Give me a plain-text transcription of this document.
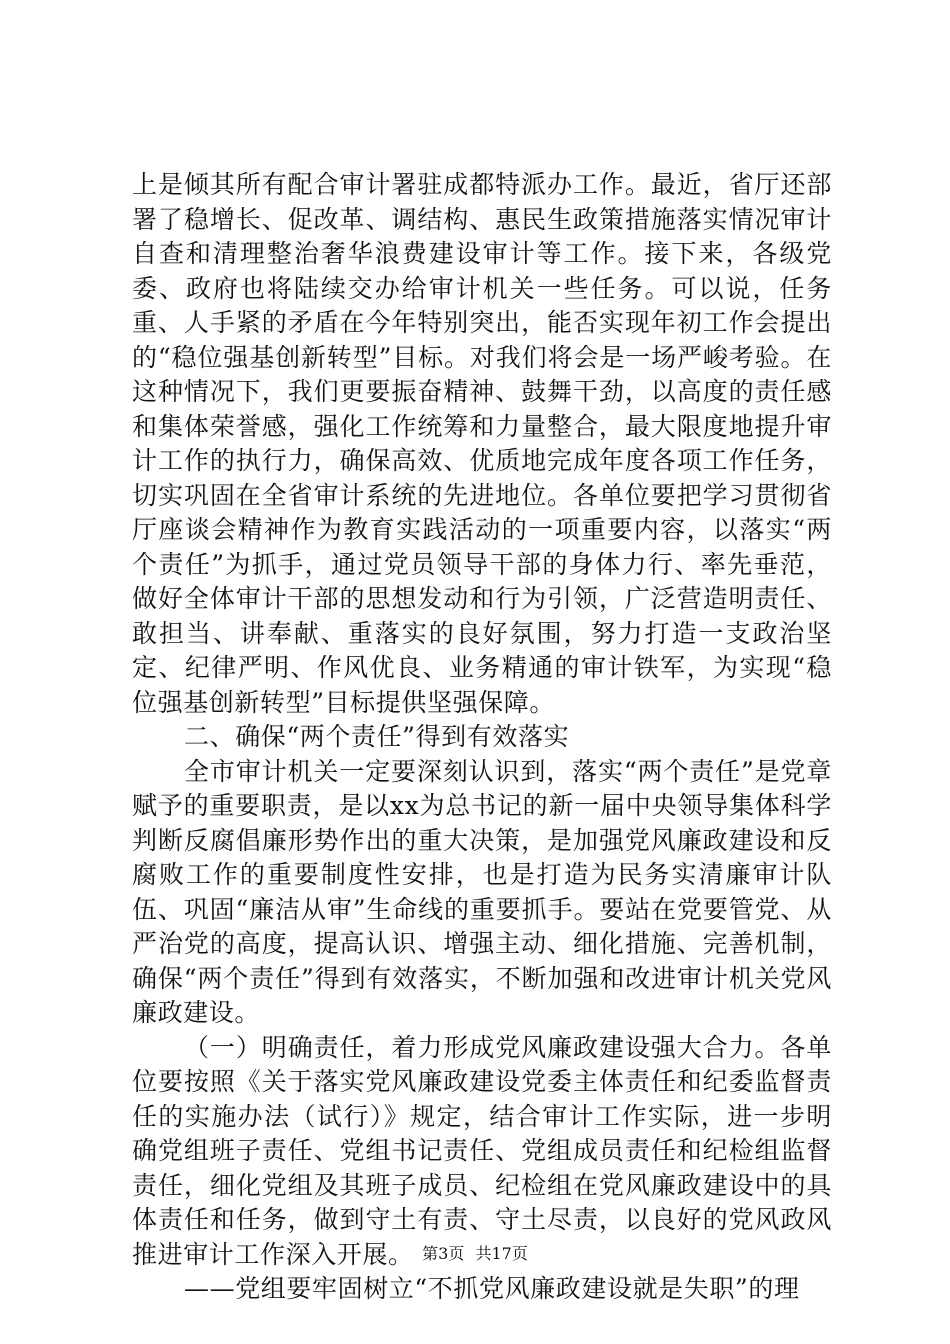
上是倾其所有配合审计署驻成都特派办工作。最近，省厅还部署了稳增长、促改革、调结构、惠民生政策措施落实情况审计自查和清理整治奢华浪费建设审计等工作。接下来，各级党委、政府也将陆续交办给审计机关一些任务。可以说，任务重、人手紧的矛盾在今年特别突出，能否实现年初工作会提出的“稳位强基创新转型”目标。对我们将会是一场严峻考验。在这种情况下，我们更要振奋精神、鼓舞干劲，以高度的责任感和集体荣誉感，强化工作统筹和力量整合，最大限度地提升审计工作的执行力，确保高效、优质地完成年度各项工作任务，切实巩固在全省审计系统的先进地位。各单位要把学习贯彻省厅座谈会精神作为教育实践活动的一项重要内容，以落实“两个责任”为抓手，通过党员领导干部的身体力行、率先垂范，做好全体审计干部的思想发动和行为引领，广泛营造明责任、敢担当、讲奉献、重落实的良好氛围，努力打造一支政治坚定、纪律严明、作风优良、业务精通的审计铁军，为实现“稳位强基创新转型”目标提供坚强保障。

二、确保“两个责任”得到有效落实

全市审计机关一定要深刻认识到，落实“两个责任”是党章赋予的重要职责，是以xx为总书记的新一届中央领导集体科学判断反腐倡廉形势作出的重大决策，是加强党风廉政建设和反腐败工作的重要制度性安排，也是打造为民务实清廉审计队伍、巩固“廉洁从审”生命线的重要抓手。要站在党要管党、从严治党的高度，提高认识、增强主动、细化措施、完善机制，确保“两个责任”得到有效落实，不断加强和改进审计机关党风廉政建设。

（一）明确责任，着力形成党风廉政建设强大合力。各单位要按照《关于落实党风廉政建设党委主体责任和纪委监督责任的实施办法（试行）》规定，结合审计工作实际，进一步明确党组班子责任、党组书记责任、党组成员责任和纪检组监督责任，细化党组及其班子成员、纪检组在党风廉政建设中的具体责任和任务，做到守土有责、守土尽责，以良好的党风政风推进审计工作深入开展。

——党组要牢固树立“不抓党风廉政建设就是失职”的理

第3页 共17页
